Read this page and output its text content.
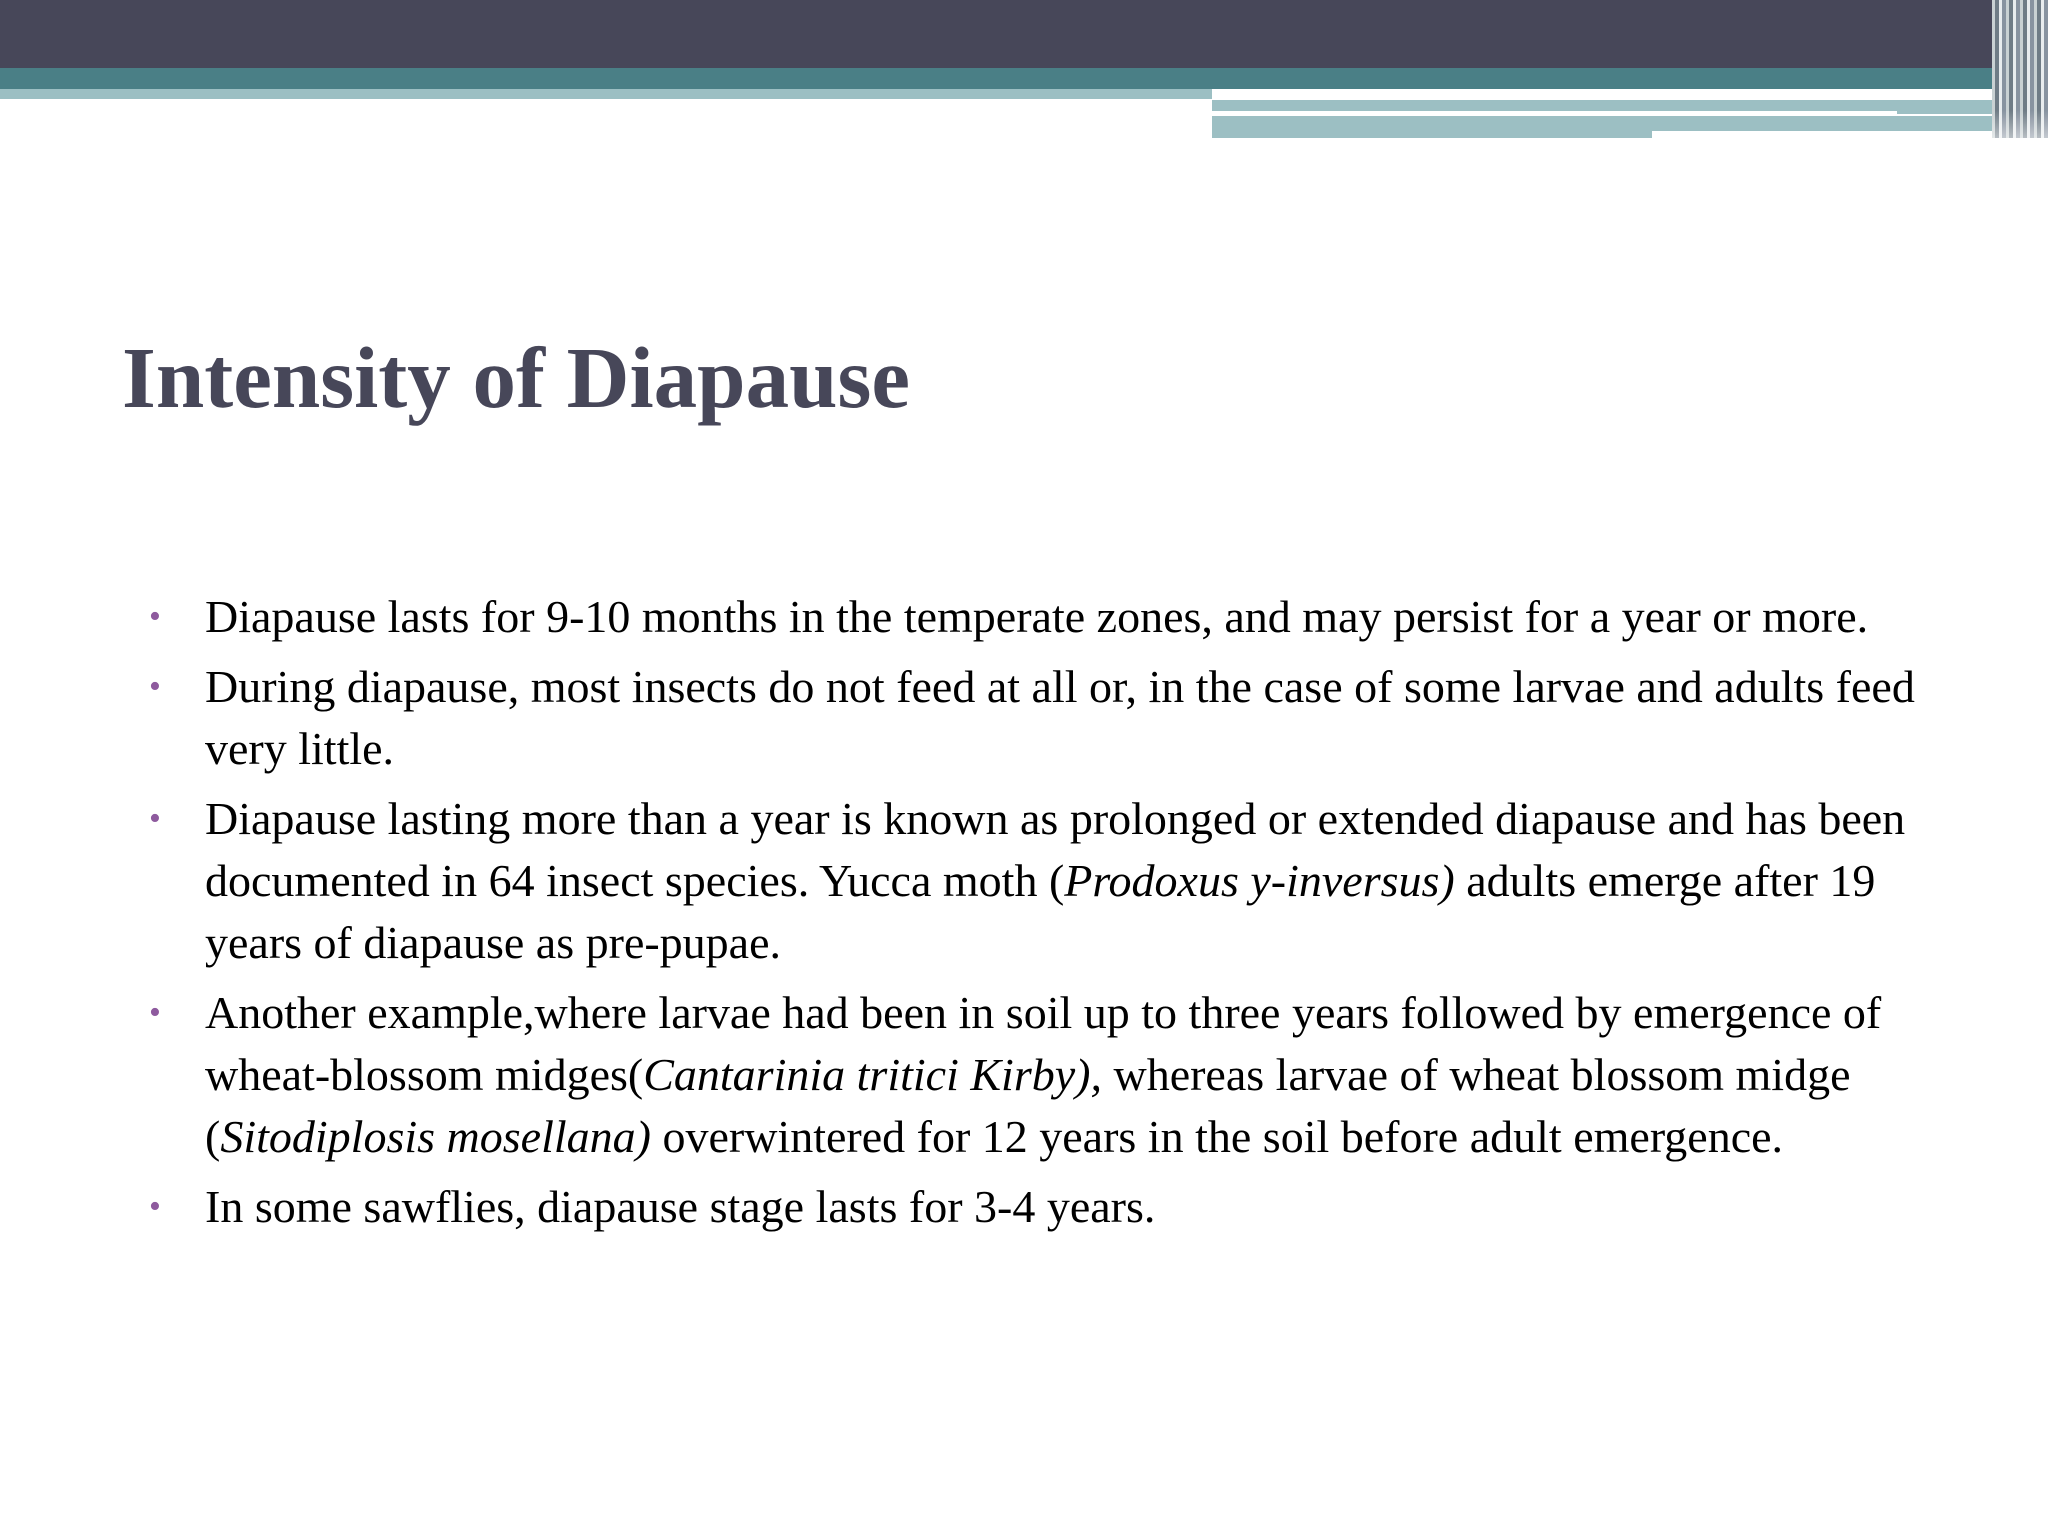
Intensity of Diapause
• Diapause lasts for 9-10 months in the temperate zones, and may persist for a year or more.
• During diapause, most insects do not feed at all or, in the case of some larvae and adults feed very little.
• Diapause lasting more than a year is known as prolonged or extended diapause and has been documented in 64 insect species. Yucca moth (Prodoxus y-inversus) adults emerge after 19 years of diapause as pre-pupae.
• Another example,where larvae had been in soil up to three years followed by emergence of wheat-blossom midges(Cantarinia tritici Kirby), whereas larvae of wheat blossom midge (Sitodiplosis mosellana) overwintered for 12 years in the soil before adult emergence.
• In some sawflies, diapause stage lasts for 3-4 years.
